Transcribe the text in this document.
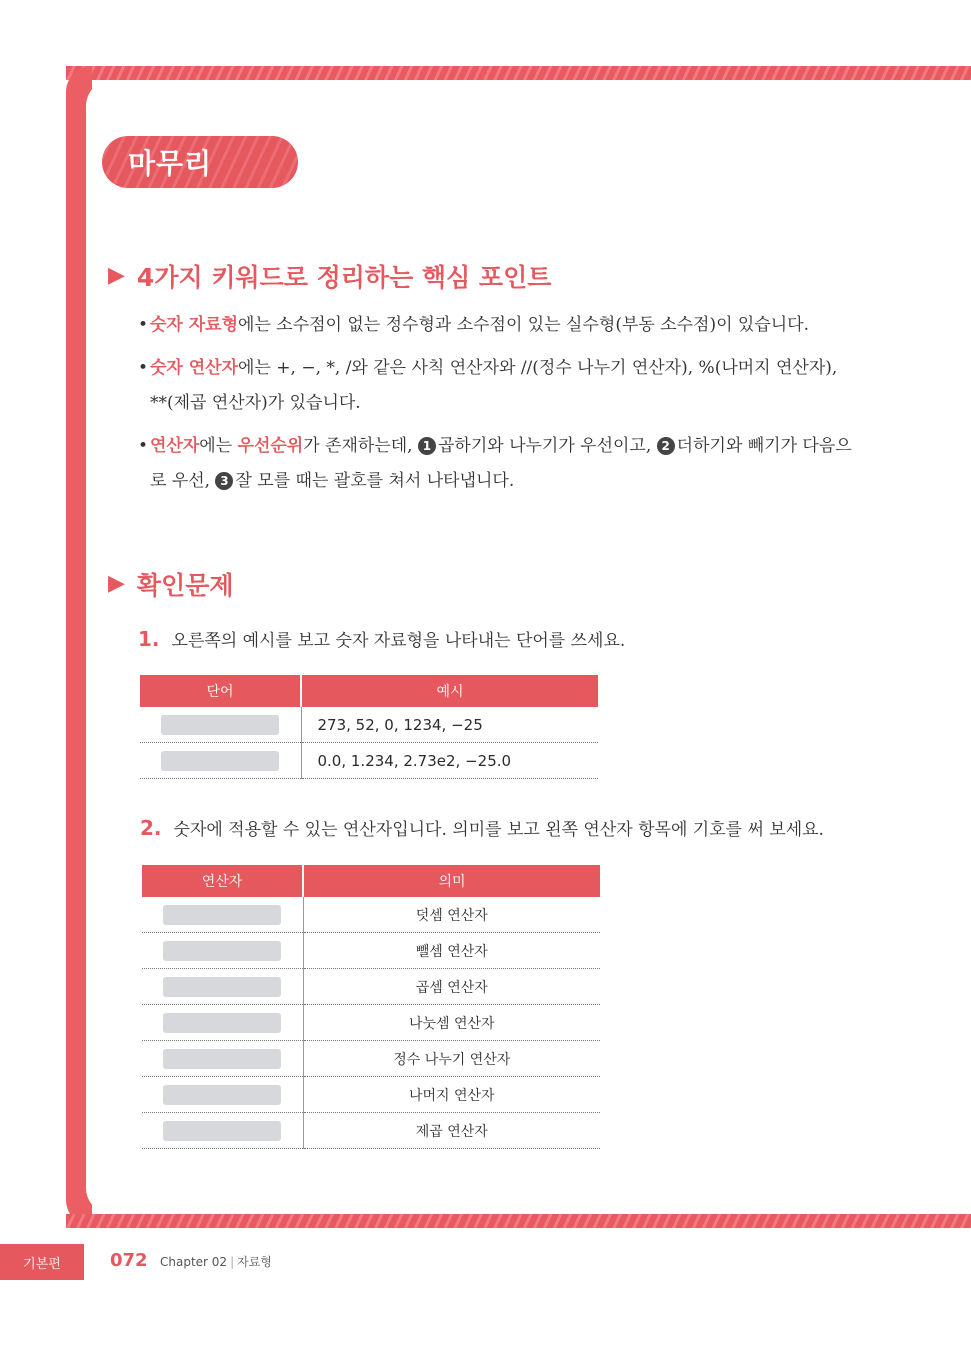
마무리
▶ 4가지 키워드로 정리하는 핵심 포인트
• 숫자 자료형에는 소수점이 없는 정수형과 소수점이 있는 실수형(부동 소수점)이 있습니다.
• 숫자 연산자에는 +, −, *, /와 같은 사칙 연산자와 //(정수 나누기 연산자), %(나머지 연산자), **(제곱 연산자)가 있습니다.
• 연산자에는 우선순위가 존재하는데, 1 곱하기와 나누기가 우선이고, 2 더하기와 빼기가 다음으로 우선, 3 잘 모를 때는 괄호를 쳐서 나타냅니다.
▶ 확인문제
1. 오른쪽의 예시를 보고 숫자 자료형을 나타내는 단어를 쓰세요.
단어	예시

	273, 52, 0, 1234, −25

	0.0, 1.234, 2.73e2, −25.0
2. 숫자에 적용할 수 있는 연산자입니다. 의미를 보고 왼쪽 연산자 항목에 기호를 써 보세요.
연산자	의미

	덧셈 연산자

	뺄셈 연산자

	곱셈 연산자

	나눗셈 연산자

	정수 나누기 연산자

	나머지 연산자

	제곱 연산자
기본편	072 Chapter 02 | 자료형
